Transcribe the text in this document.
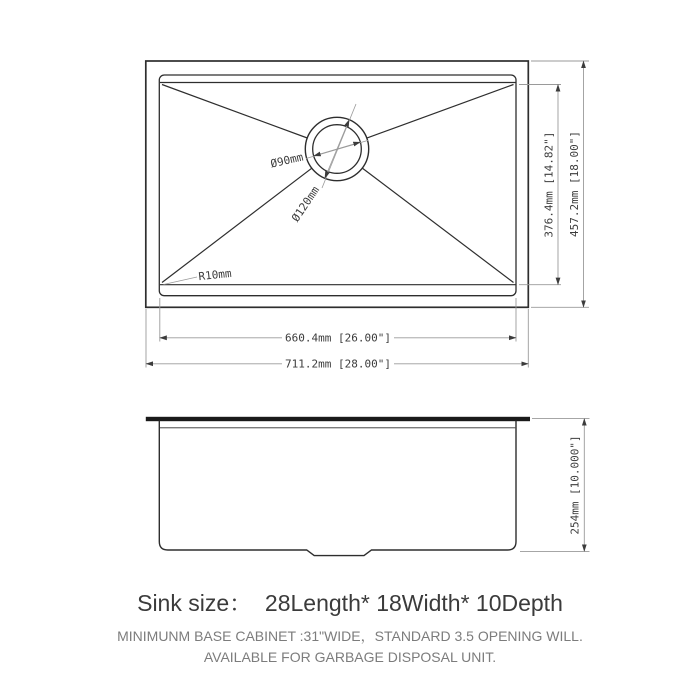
Ø90mm
Ø120mm
R10mm
376.4mm [14.82"] 457.2mm [18.00"]
660.4mm [26.00"]
711.2mm [28.00"]
254mm [10.000"]
Sink size：  28Length* 18Width* 10Depth
MINIMUNM BASE CABINET :31"WIDE，STANDARD 3.5 OPENING WILL.
AVAILABLE FOR GARBAGE DISPOSAL UNIT.
